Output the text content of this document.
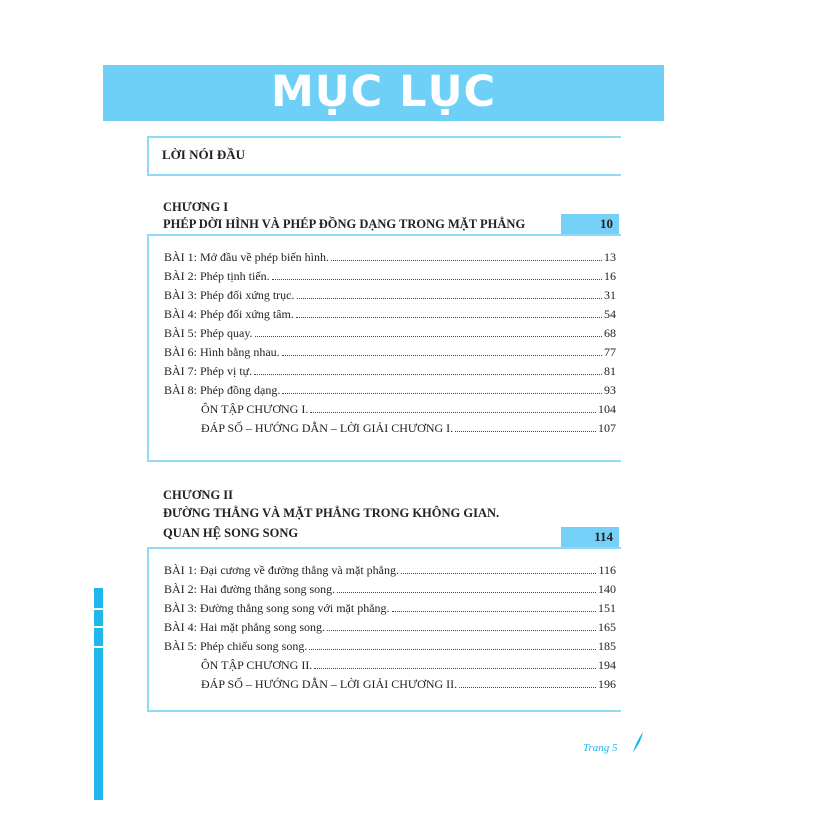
MỤC LỤC
LỜI NÓI ĐẦU
CHƯƠNG I
PHÉP DỜI HÌNH VÀ PHÉP ĐỒNG DẠNG TRONG MẶT PHẲNG	10
BÀI 1: Mở đầu về phép biến hình.	13
BÀI 2: Phép tịnh tiến.	16
BÀI 3: Phép đối xứng trục.	31
BÀI 4: Phép đối xứng tâm.	54
BÀI 5: Phép quay.	68
BÀI 6: Hình bằng nhau.	77
BÀI 7: Phép vị tự.	81
BÀI 8: Phép đồng dạng.	93
ÔN TẬP CHƯƠNG I.	104
ĐÁP SỐ – HƯỚNG DẪN – LỜI GIẢI CHƯƠNG I.	107
CHƯƠNG II
ĐƯỜNG THẲNG VÀ MẶT PHẲNG TRONG KHÔNG GIAN.
QUAN HỆ SONG SONG	114
BÀI 1: Đại cương về đường thẳng và mặt phẳng.	116
BÀI 2: Hai đường thẳng song song.	140
BÀI 3: Đường thẳng song song với mặt phẳng.	151
BÀI 4: Hai mặt phẳng song song.	165
BÀI 5: Phép chiếu song song.	185
ÔN TẬP CHƯƠNG II.	194
ĐÁP SỐ – HƯỚNG DẪN – LỜI GIẢI CHƯƠNG II.	196
Trang 5
